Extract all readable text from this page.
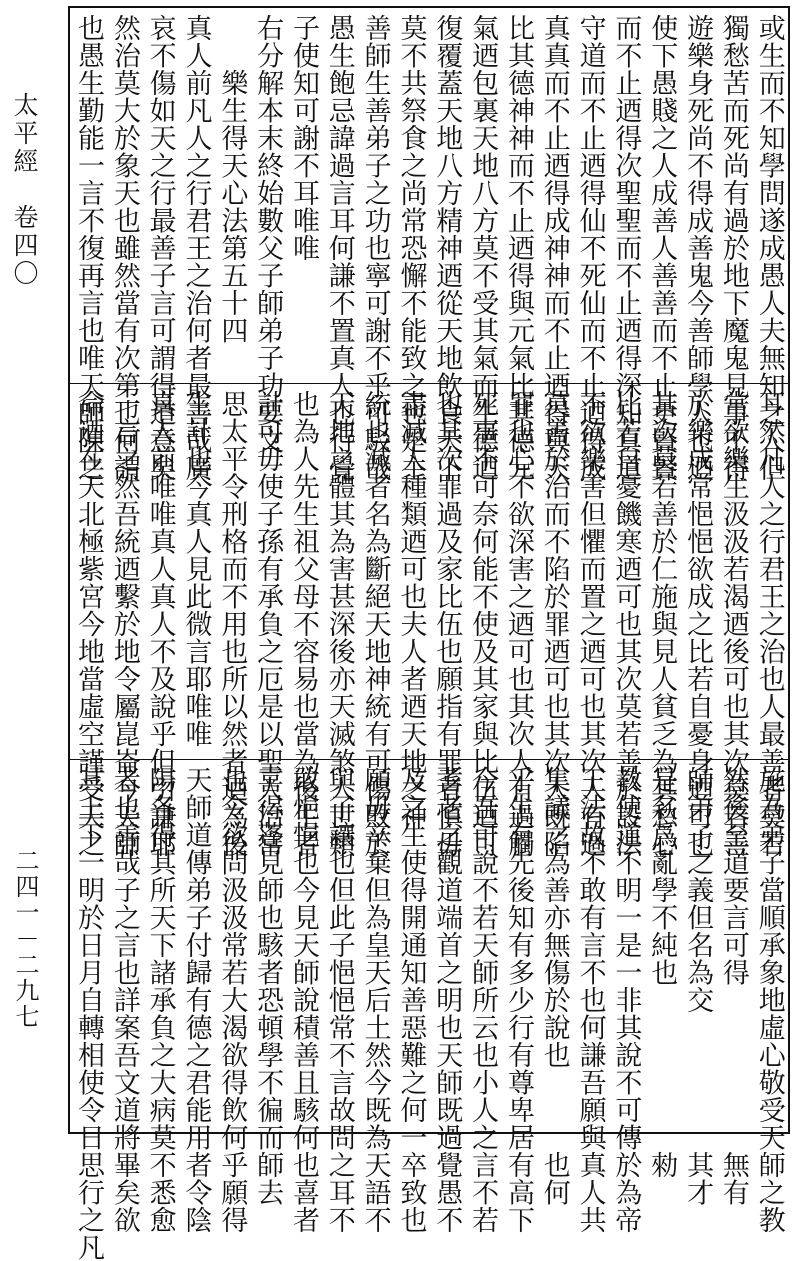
太平經　卷四〇
二四一－二九七
或生而不知學問遂成愚人夫無知之人但
獨愁苦而死尚有過於地下魔鬼見事不得
遊樂身死尚不得成善鬼今善師學人也迺
使下愚賤之人成善人善善而不止更賢賢
而不止迺得次聖聖而不止迺得深知真道
守道而不止迺得仙不死仙而不止迺得成
真真而不止迺得成神神而不止迺得與天
比其德神神而不止迺得與元氣比其德元
氣迺包裏天地八方莫不受其氣而生德迺
復覆蓋天地八方精神迺從天地飲食天下
莫不共祭食之尚常恐懈不能致之也是主
善師生善弟子之功也寧可謝不乎可駁哉
愚生飽忌諱過言耳何謙不置真人也行覺
子使知可謝不耳唯唯
右分解本末終始數父子師弟子功要文
　　樂生得天心法第五十四
真人前凡人之行君王之治何者最善哉廣
哀不傷如天之行最善子言可謂得道意矣
然治莫大於象天也雖然當有次第也何謂
也愚生勤能一言不復再言也唯天師陳之
耳然凡人之行君王之治也人最善者莫若
常欲樂生汲汲若渴迺後可也其次莫若善
於樂成常悒悒欲成之比若自憂身迺可也
其次莫若善於仁施與見人貧乏為其愁心
比若自憂饑寒迺可也其次莫若善於設法
不欲樂害但懼而置之迺可也其次人有過
莫善於治而不陷於罪迺可也其次人既陷
罪也心不欲深害之迺可也其次人有過觸
死事不可奈何能不使及其家與比伍迺可
也其次罪過及家比伍也願指有罪者慎毋
盡滅人種類迺可也夫人者迺天地之神
統也滅者名為斷絕天地神統有可傷敗於
天地之體其為害甚深後亦天滅煞人世類
也為人先生祖父母不容易也當為後生者
計可毋使子孫有承負之厄是以聖人治常
思太平令刑格而不用也所以然者迺為後
生計也今真人見此微言耶唯唯
真人前唯唯真人真人不及說乎但引謙耶
一言之然吾統迺繫於地令屬崑崙今天師
命迺在天北極紫宮今地當虛空謹受天之
施為弟子當順承象地虛心敬受天師之教
然後至道要言可得　　　　　　無有
師弟子之義但名為交　　　　　其才
是名爲亂學不純也　　　　　　勑
教使道不明一是一非其說不可傳於為帝
王法故不敢有言不也何謙吾願與真人共
集議之為善亦無傷於說也　　　也何
乎生有先後知有多少行有尊卑居有高下
今吾可說不若天師所云也小人之言不若
耆老之觀道端首之明也天師既過覺愚不
及之生使得開通知善惡難之何一卒致也
願毋辛棄但為皇天后土然今既為天語不
與子讓也但此子悒悒常不言故問之耳不
敢悒悒也今見天師說積善且駭何也喜者
喜得蓬見師也駭者恐頓學不徧而師去
也令欲問汲汲常若大渴欲得飲何乎願得
天師道傳弟子付歸有德之君能用者令陰
陽各得其所天下諸承負之大病莫不悉愈
者也善哉子之言也詳案吾文道將畢矣欲
其上下一明於日月自轉相使令日思行之凡
